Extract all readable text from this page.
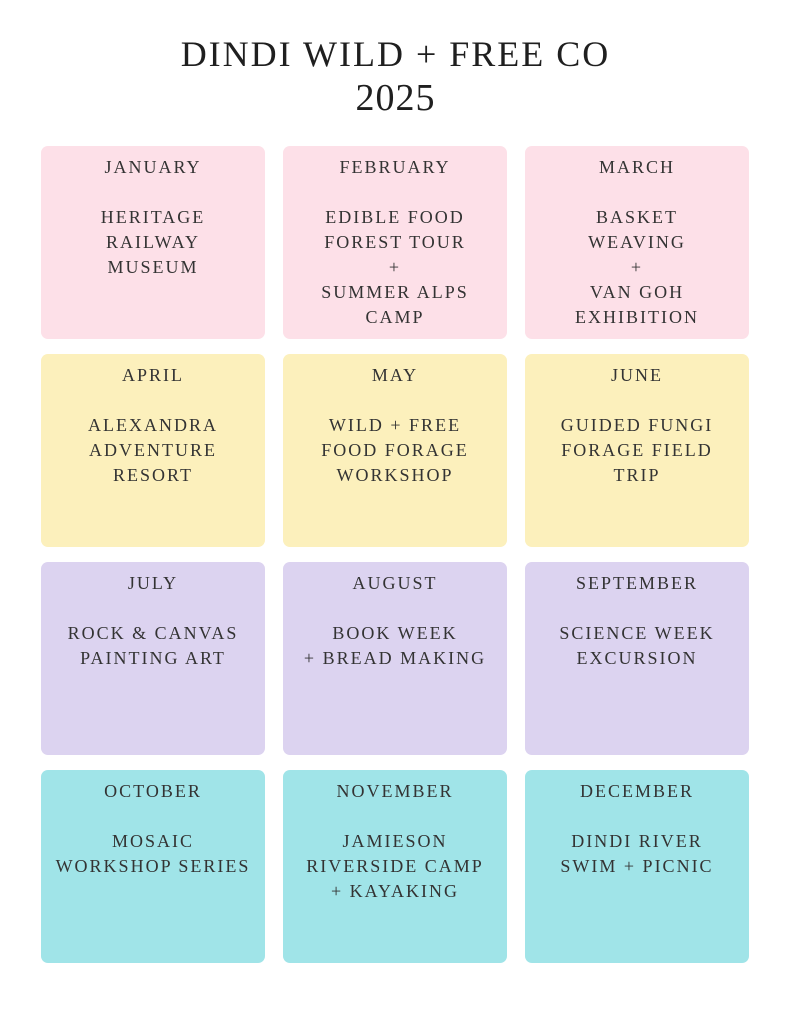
DINDI WILD + FREE CO
2025
JANUARY
HERITAGE
RAILWAY
MUSEUM
FEBRUARY
EDIBLE FOOD
FOREST TOUR
+
SUMMER ALPS
CAMP
MARCH
BASKET
WEAVING
+
VAN GOH
EXHIBITION
APRIL
ALEXANDRA
ADVENTURE
RESORT
MAY
WILD + FREE
FOOD FORAGE
WORKSHOP
JUNE
GUIDED FUNGI
FORAGE FIELD
TRIP
JULY
ROCK & CANVAS
PAINTING ART
AUGUST
BOOK WEEK
+ BREAD MAKING
SEPTEMBER
SCIENCE WEEK
EXCURSION
OCTOBER
MOSAIC
WORKSHOP SERIES
NOVEMBER
JAMIESON
RIVERSIDE CAMP
+ KAYAKING
DECEMBER
DINDI RIVER
SWIM + PICNIC
